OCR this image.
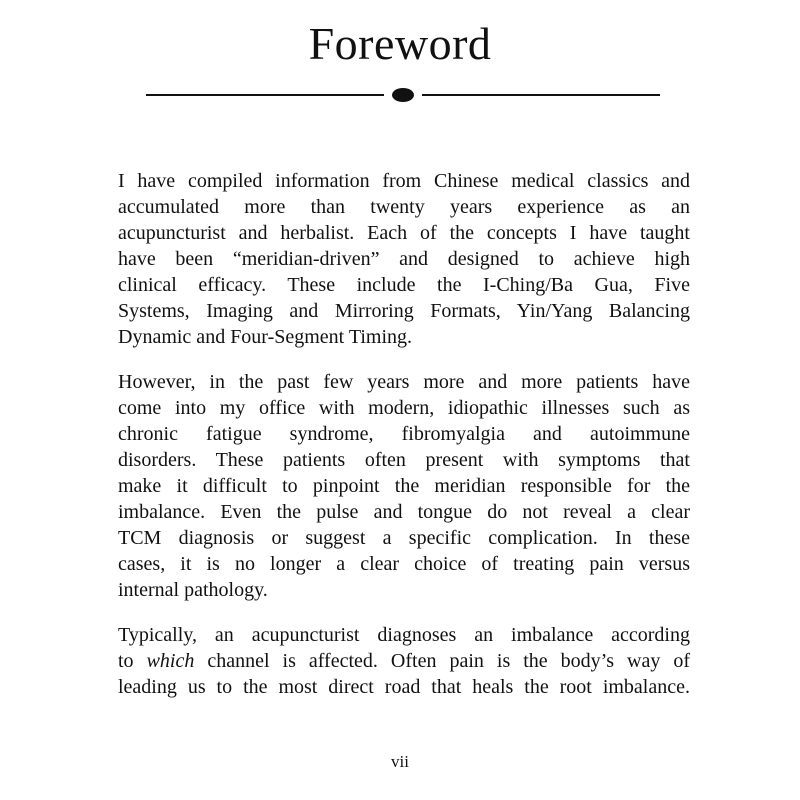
Foreword

I have compiled information from Chinese medical classics and
accumulated more than twenty years experience as an
acupuncturist and herbalist. Each of the concepts I have taught
have been “meridian-driven” and designed to achieve high
clinical efficacy. These include the I-Ching/Ba Gua, Five
Systems, Imaging and Mirroring Formats, Yin/Yang Balancing
Dynamic and Four-Segment Timing.

However, in the past few years more and more patients have
come into my office with modern, idiopathic illnesses such as
chronic fatigue syndrome, fibromyalgia and autoimmune
disorders. These patients often present with symptoms that
make it difficult to pinpoint the meridian responsible for the
imbalance. Even the pulse and tongue do not reveal a clear
TCM diagnosis or suggest a specific complication. In these
cases, it is no longer a clear choice of treating pain versus
internal pathology.

Typically, an acupuncturist diagnoses an imbalance according
to which channel is affected. Often pain is the body’s way of
leading us to the most direct road that heals the root imbalance.

vii
